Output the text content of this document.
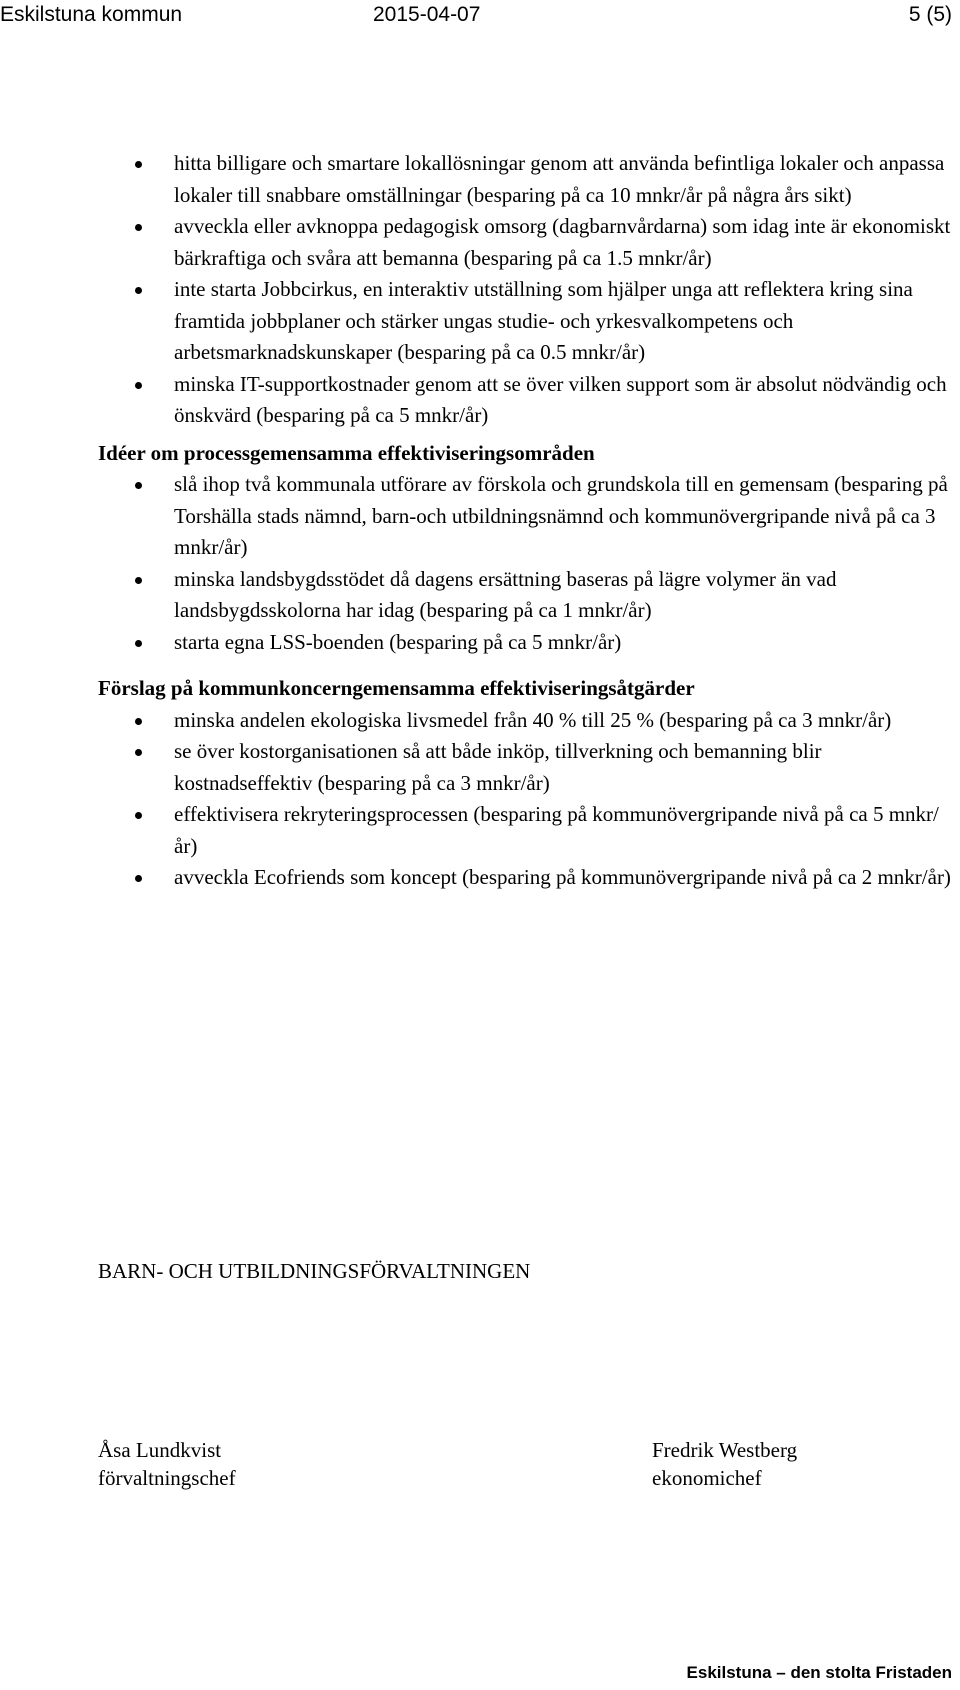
Eskilstuna kommun	2015-04-07	5 (5)
hitta billigare och smartare lokallösningar genom att använda befintliga lokaler och anpassa lokaler till snabbare omställningar (besparing på ca 10 mnkr/år på några års sikt)
avveckla eller avknoppa pedagogisk omsorg (dagbarnvårdarna) som idag inte är ekonomiskt bärkraftiga och svåra att bemanna (besparing på ca 1.5 mnkr/år)
inte starta Jobbcirkus, en interaktiv utställning som hjälper unga att reflektera kring sina framtida jobbplaner och stärker ungas studie- och yrkesvalkompetens och arbetsmarknadskunskaper (besparing på ca 0.5 mnkr/år)
minska IT-supportkostnader genom att se över vilken support som är absolut nödvändig och önskvärd (besparing på ca 5 mnkr/år)

Idéer om processgemensamma effektiviseringsområden

slå ihop två kommunala utförare av förskola och grundskola till en gemensam (besparing på Torshälla stads nämnd, barn-och utbildningsnämnd och kommunövergripande nivå på ca 3 mnkr/år)
minska landsbygdsstödet då dagens ersättning baseras på lägre volymer än vad landsbygdsskolorna har idag (besparing på ca 1 mnkr/år)
starta egna LSS-boenden (besparing på ca 5 mnkr/år)

Förslag på kommunkoncerngemensamma effektiviseringsåtgärder

minska andelen ekologiska livsmedel från 40 % till 25 % (besparing på ca 3 mnkr/år)
se över kostorganisationen så att både inköp, tillverkning och bemanning blir kostnadseffektiv (besparing på ca 3 mnkr/år)
effektivisera rekryteringsprocessen (besparing på kommunövergripande nivå på ca 5 mnkr/år)
avveckla Ecofriends som koncept (besparing på kommunövergripande nivå på ca 2 mnkr/år)
BARN- OCH UTBILDNINGSFÖRVALTNINGEN
Åsa Lundkvist
förvaltningschef
Fredrik Westberg
ekonomichef
Eskilstuna – den stolta Fristaden
